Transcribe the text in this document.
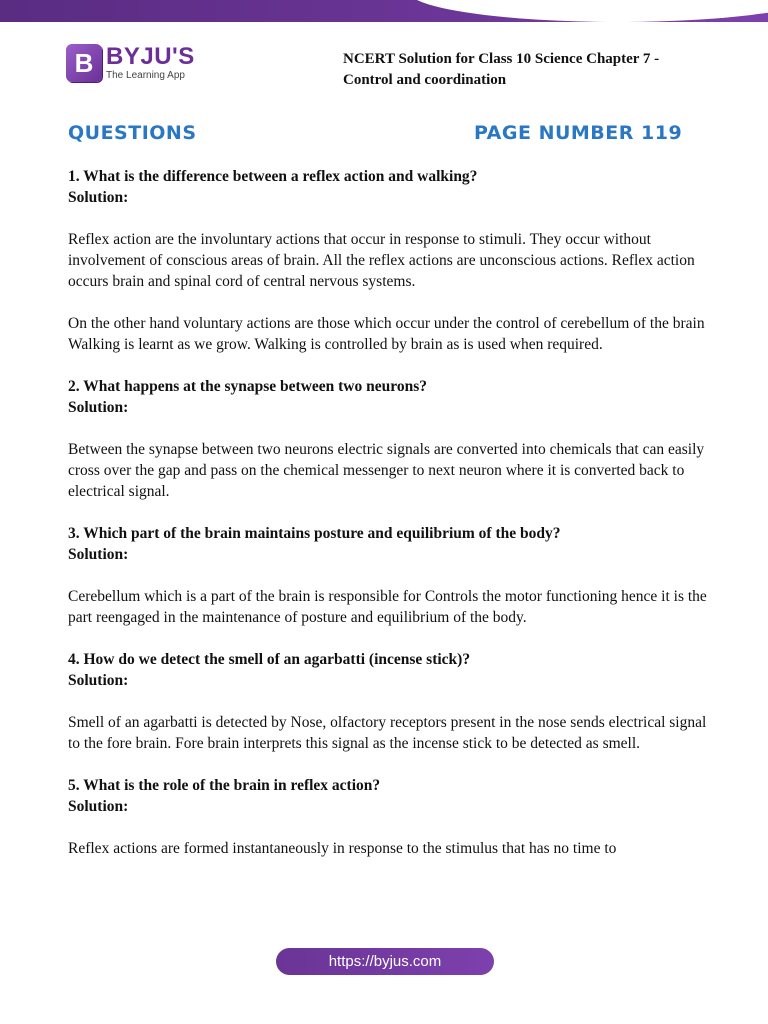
B BYJU'S
The Learning App
NCERT Solution for Class 10 Science Chapter 7 -
Control and coordination
QUESTIONS	PAGE NUMBER 119

1. What is the difference between a reflex action and walking?

Solution:

Reflex action are the involuntary actions that occur in response to stimuli. They occur without involvement of conscious areas of brain. All the reflex actions are unconscious actions. Reflex action occurs brain and spinal cord of central nervous systems.

On the other hand voluntary actions are those which occur under the control of cerebellum of the brain Walking is learnt as we grow. Walking is controlled by brain as is used when required.

2. What happens at the synapse between two neurons?

Solution:

Between the synapse between two neurons electric signals are converted into chemicals that can easily cross over the gap and pass on the chemical messenger to next neuron where it is converted back to electrical signal.

3. Which part of the brain maintains posture and equilibrium of the body?

Solution:

Cerebellum which is a part of the brain is responsible for Controls the motor functioning hence it is the part reengaged in the maintenance of posture and equilibrium of the body.

4. How do we detect the smell of an agarbatti (incense stick)?

Solution:

Smell of an agarbatti is detected by Nose, olfactory receptors present in the nose sends electrical signal to the fore brain. Fore brain interprets this signal as the incense stick to be detected as smell.

5. What is the role of the brain in reflex action?

Solution:

Reflex actions are formed instantaneously in response to the stimulus that has no time to

https://byjus.com
